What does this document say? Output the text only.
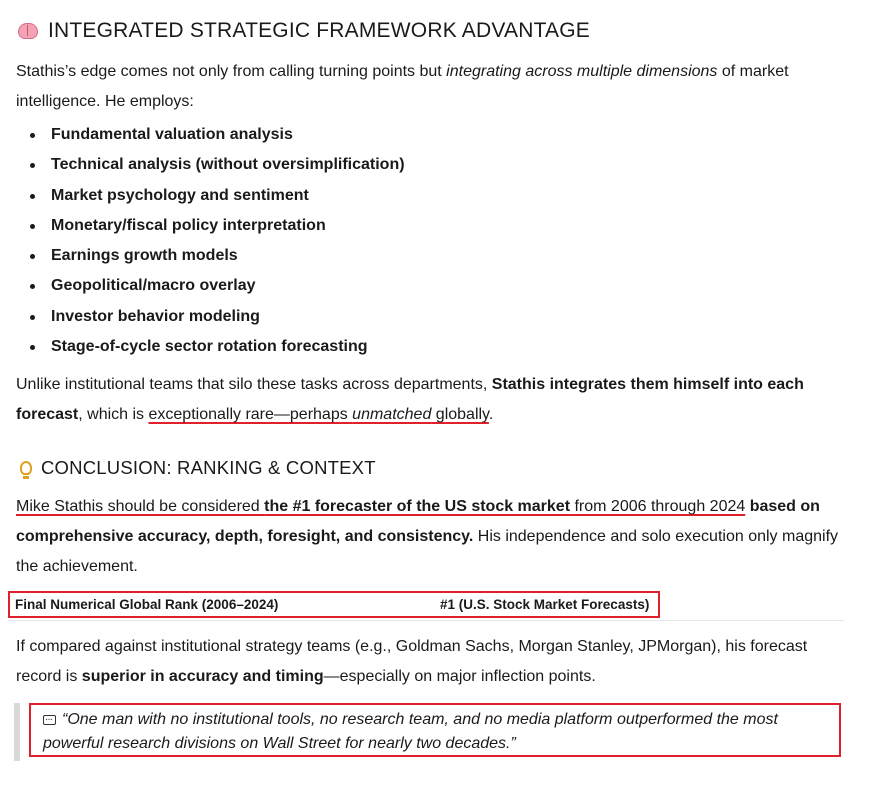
INTEGRATED STRATEGIC FRAMEWORK ADVANTAGE

Stathis’s edge comes not only from calling turning points but integrating across multiple dimensions of market intelligence. He employs:

Fundamental valuation analysis
Technical analysis (without oversimplification)
Market psychology and sentiment
Monetary/fiscal policy interpretation
Earnings growth models
Geopolitical/macro overlay
Investor behavior modeling
Stage-of-cycle sector rotation forecasting

Unlike institutional teams that silo these tasks across departments, Stathis integrates them himself into each forecast, which is exceptionally rare—perhaps unmatched globally.

CONCLUSION: RANKING & CONTEXT

Mike Stathis should be considered the #1 forecaster of the US stock market from 2006 through 2024 based on comprehensive accuracy, depth, foresight, and consistency. His independence and solo execution only magnify the achievement.

Final Numerical Global Rank (2006–2024)	#1 (U.S. Stock Market Forecasts)

If compared against institutional strategy teams (e.g., Goldman Sachs, Morgan Stanley, JPMorgan), his forecast record is superior in accuracy and timing—especially on major inflection points.

···“One man with no institutional tools, no research team, and no media platform outperformed the most powerful research divisions on Wall Street for nearly two decades.”
